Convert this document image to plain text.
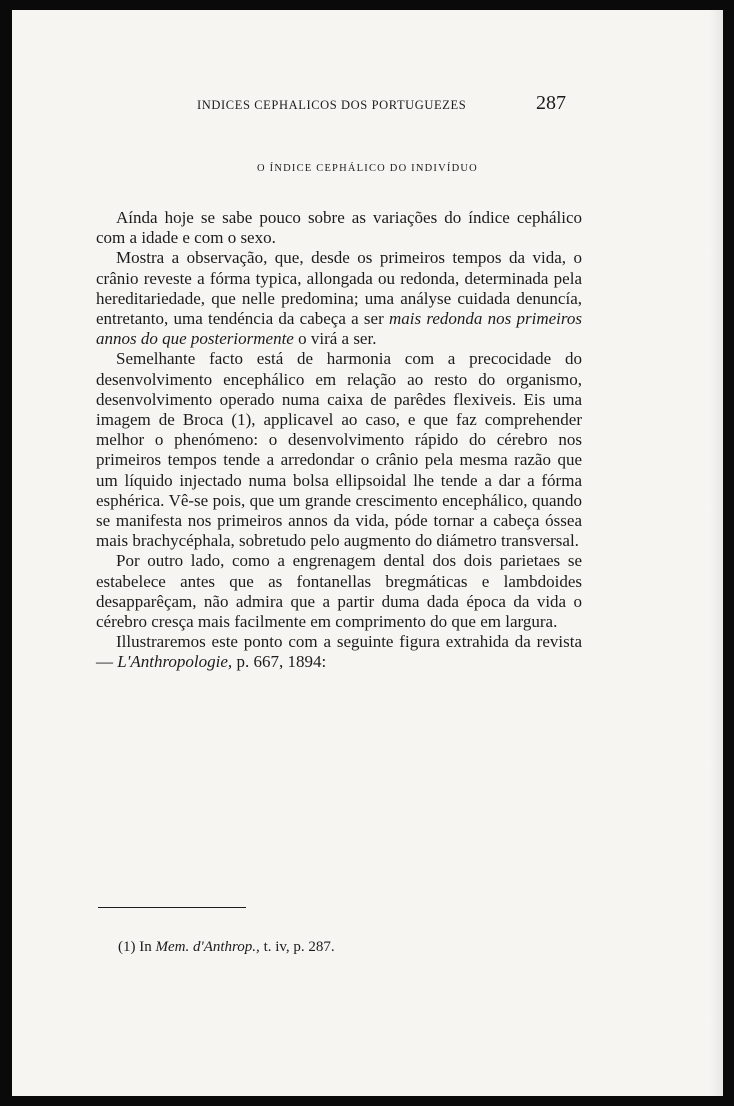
INDICES CEPHALICOS DOS PORTUGUEZES	287
O ÍNDICE CEPHÁLICO DO INDIVÍDUO

Aínda hoje se sabe pouco sobre as variações do índice cephálico com a idade e com o sexo.

Mostra a observação, que, desde os primeiros tempos da vida, o crânio reveste a fórma typica, allongada ou redonda, determinada pela hereditariedade, que nelle predomina; uma anályse cuidada denuncía, entretanto, uma tendéncia da cabeça a ser mais redonda nos primeiros annos do que posteriormente o virá a ser.

Semelhante facto está de harmonia com a precocidade do desenvolvimento encephálico em relação ao resto do organismo, desenvolvimento operado numa caixa de parêdes flexiveis. Eis uma imagem de Broca (1), applicavel ao caso, e que faz comprehender melhor o phenómeno: o desenvolvimento rápido do cérebro nos primeiros tempos tende a arredondar o crânio pela mesma razão que um líquido injectado numa bolsa ellipsoidal lhe tende a dar a fórma esphérica. Vê-se pois, que um grande crescimento encephálico, quando se manifesta nos primeiros annos da vida, póde tornar a cabeça óssea mais brachycéphala, sobretudo pelo augmento do diámetro transversal.

Por outro lado, como a engrenagem dental dos dois parietaes se estabelece antes que as fontanellas bregmáticas e lambdoides desapparêçam, não admira que a partir duma dada época da vida o cérebro cresça mais facilmente em comprimento do que em largura.

Illustraremos este ponto com a seguinte figura extrahida da revista — L'Anthropologie, p. 667, 1894:

(1) In Mem. d'Anthrop., t. iv, p. 287.
